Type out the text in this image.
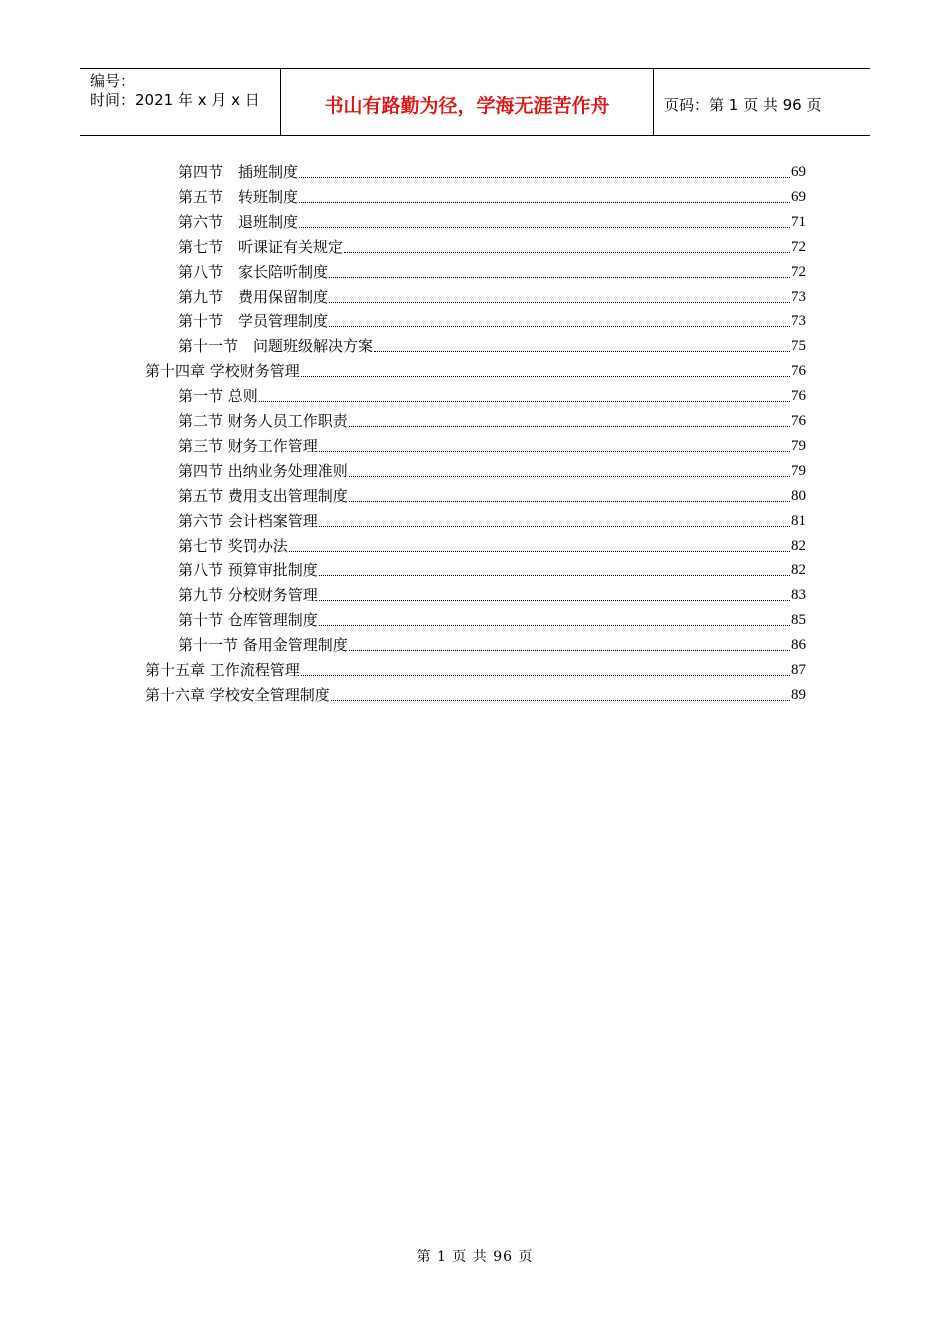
编号：
时间：2021 年 x 月 x 日	书山有路勤为径，学海无涯苦作舟	页码：第 1 页 共 96 页
第四节　插班制度	69
第五节　转班制度	69
第六节　退班制度	71
第七节　听课证有关规定	72
第八节　家长陪听制度	72
第九节　费用保留制度	73
第十节　学员管理制度	73
第十一节　问题班级解决方案	75
第十四章 学校财务管理	76
第一节 总则	76
第二节 财务人员工作职责	76
第三节 财务工作管理	79
第四节 出纳业务处理准则	79
第五节 费用支出管理制度	80
第六节 会计档案管理	81
第七节 奖罚办法	82
第八节 预算审批制度	82
第九节 分校财务管理	83
第十节 仓库管理制度	85
第十一节 备用金管理制度	86
第十五章 工作流程管理	87
第十六章 学校安全管理制度	89
第 1 页 共 96 页
